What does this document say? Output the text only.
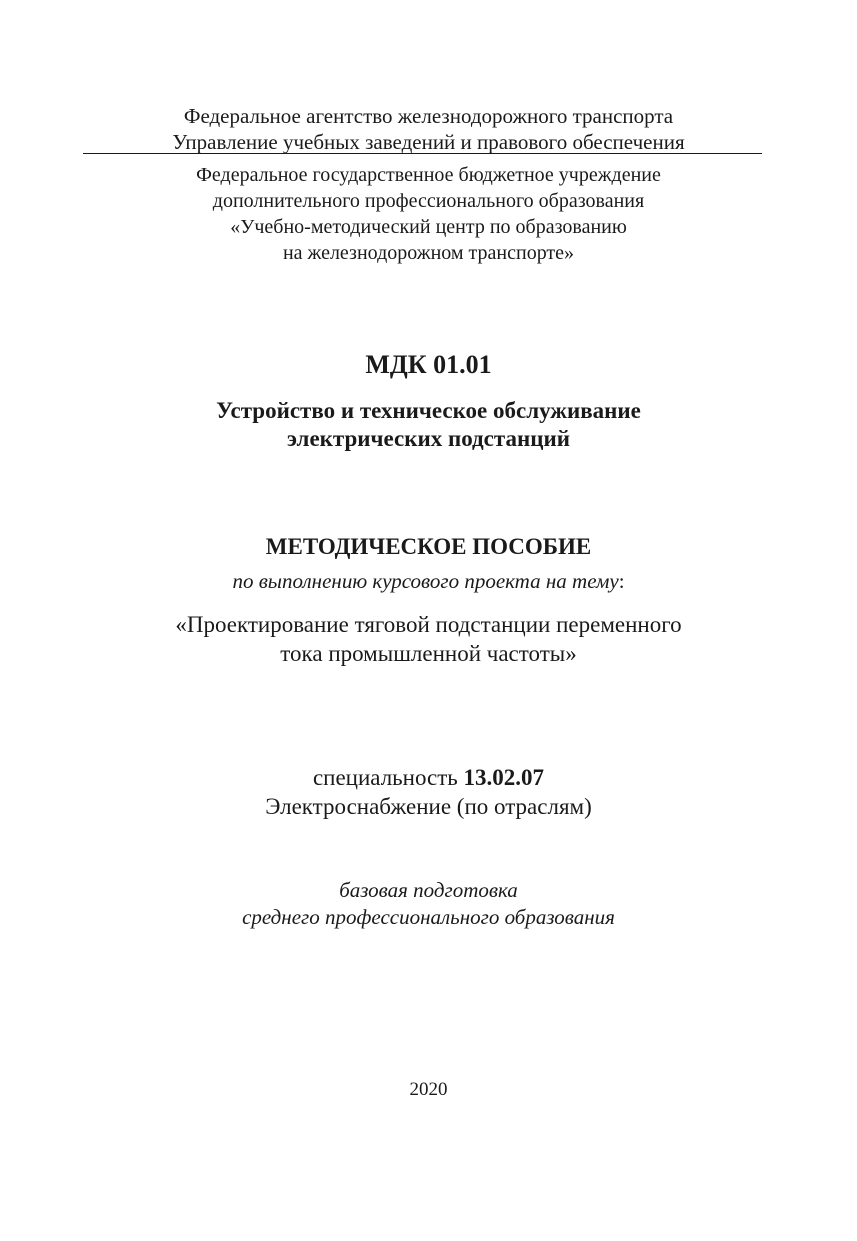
Федеральное агентство железнодорожного транспорта

Управление учебных заведений и правового обеспечения

Федеральное государственное бюджетное учреждение

дополнительного профессионального образования

«Учебно-методический центр по образованию

на железнодорожном транспорте»

МДК 01.01

Устройство и техническое обслуживание

электрических подстанций

МЕТОДИЧЕСКОЕ ПОСОБИЕ

по выполнению курсового проекта на тему:

«Проектирование тяговой подстанции переменного

тока промышленной частоты»

специальность 13.02.07

Электроснабжение (по отраслям)

базовая подготовка

среднего профессионального образования

2020
